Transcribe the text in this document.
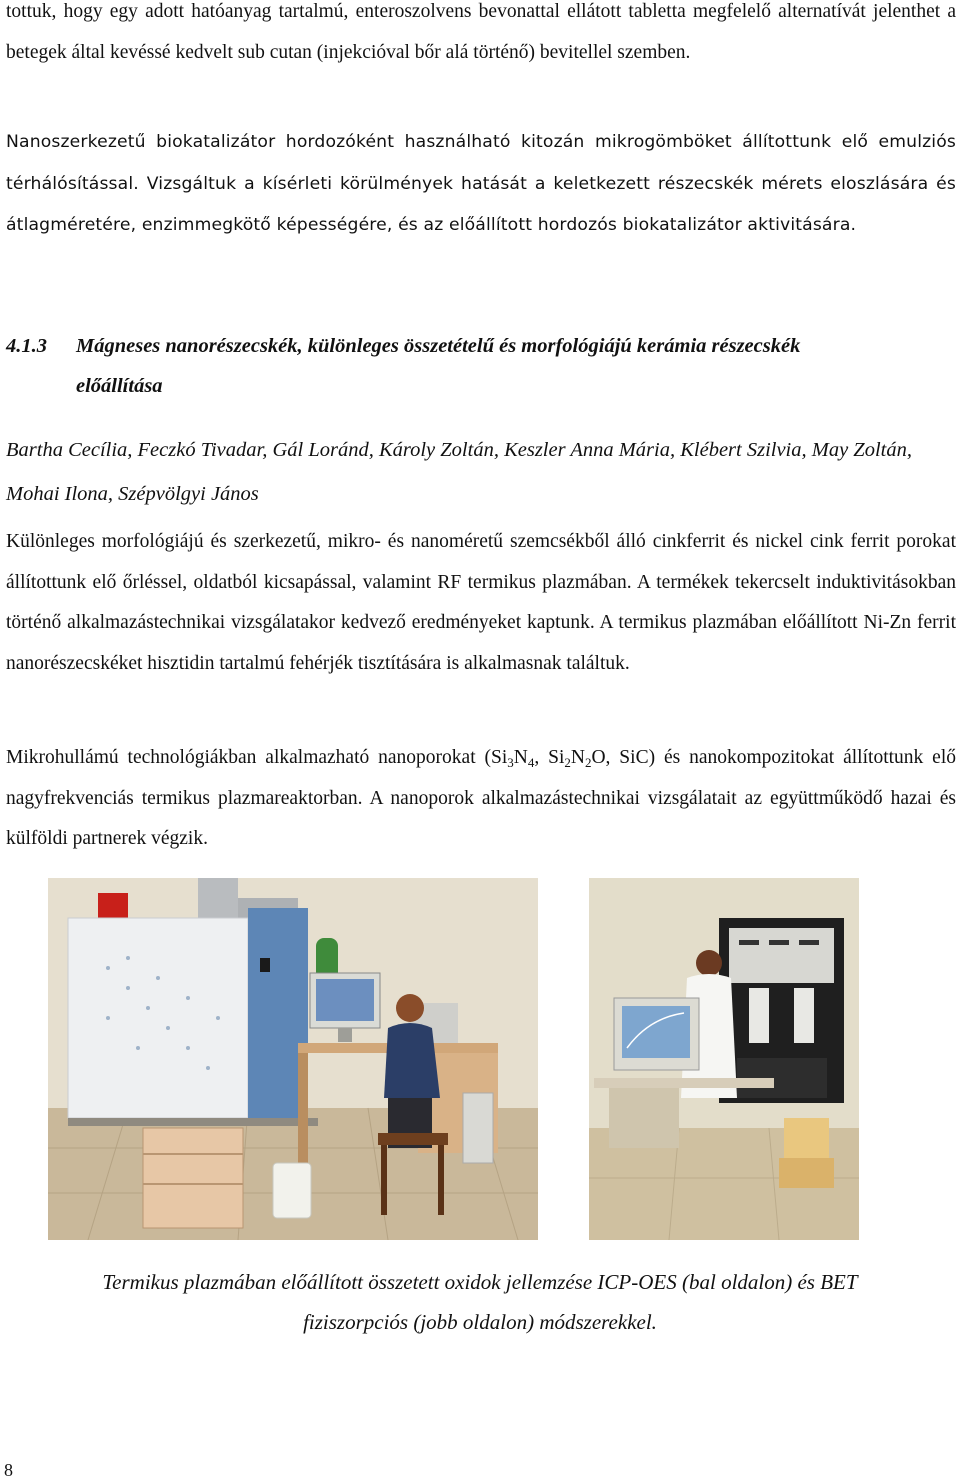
tottuk, hogy egy adott hatóanyag tartalmú, enteroszolvens bevonattal ellátott tabletta megfelelő alternatívát jelenthet a betegek által kevéssé kedvelt sub cutan (injekcióval bőr alá történő) bevitellel szemben.

Nanoszerkezetű biokatalizátor hordozóként használható kitozán mikrogömböket állítottunk elő emulziós térhálósítással. Vizsgáltuk a kísérleti körülmények hatását a keletkezett részecskék mérets eloszlására és átlagméretére, enzimmegkötő képességére, és az előállított hordozós biokatalizátor aktivitására.

4.1.3 Mágneses nanorészecskék, különleges összetételű és morfológiájú kerámia részecskék
előállítása
Bartha Cecília, Feczkó Tivadar, Gál Loránd, Károly Zoltán, Keszler Anna Mária, Klébert Szilvia, May Zoltán, Mohai Ilona, Szépvölgyi János

Különleges morfológiájú és szerkezetű, mikro- és nanoméretű szemcsékből álló cinkferrit és nickel cink ferrit porokat állítottunk elő őrléssel, oldatból kicsapással, valamint RF termikus plazmában. A termékek tekercselt induktivitásokban történő alkalmazástechnikai vizsgálatakor kedvező eredményeket kaptunk. A termikus plazmában előállított Ni-Zn ferrit nanorészecskéket hisztidin tartalmú fehérjék tisztítására is alkalmasnak találtuk.

Mikrohullámú technológiákban alkalmazható nanoporokat ($Si_3N_4$, $Si_2N_2O$, SiC) és nanokompozitokat állítottunk elő nagyfrekvenciás termikus plazmareaktorban. A nanoporok alkalmazástechnikai vizsgálatait az együttműködő hazai és külföldi partnerek végzik.

Termikus plazmában előállított összetett oxidok jellemzése ICP-OES (bal oldalon) és BET
fiziszorpciós (jobb oldalon) módszerekkel.
8
